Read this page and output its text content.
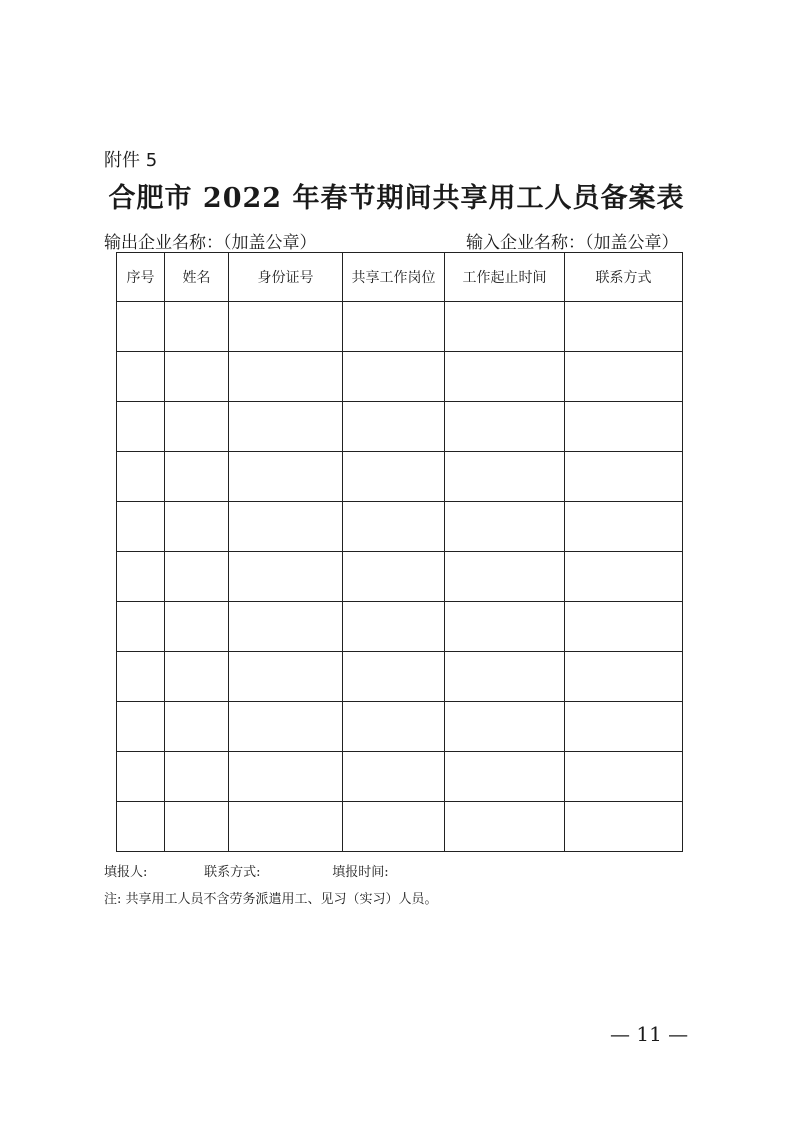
附件 5
合肥市 2022 年春节期间共享用工人员备案表
输出企业名称：（加盖公章）	输入企业名称：（加盖公章）
序号	姓名	身份证号	共享工作岗位	工作起止时间	联系方式

填报人:	联系方式:	填报时间:
注: 共享用工人员不含劳务派遣用工、见习（实习）人员。
— 11 —
